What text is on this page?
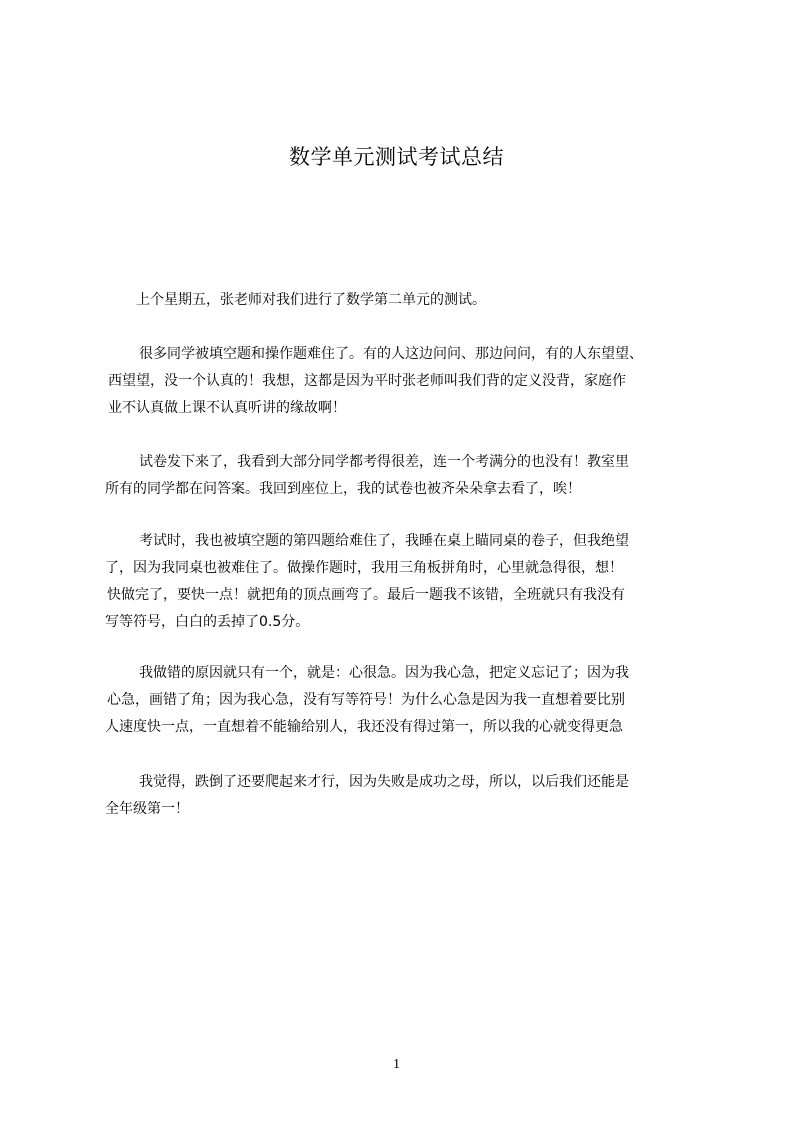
数学单元测试考试总结
上个星期五，张老师对我们进行了数学第二单元的测试。
很多同学被填空题和操作题难住了。有的人这边问问、那边问问，有的人东望望、
西望望，没一个认真的！我想，这都是因为平时张老师叫我们背的定义没背，家庭作
业不认真做上课不认真听讲的缘故啊！
试卷发下来了，我看到大部分同学都考得很差，连一个考满分的也没有！教室里
所有的同学都在问答案。我回到座位上，我的试卷也被齐朵朵拿去看了，唉！
考试时，我也被填空题的第四题给难住了，我睡在桌上瞄同桌的卷子，但我绝望
了，因为我同桌也被难住了。做操作题时，我用三角板拼角时，心里就急得很，想！
快做完了，要快一点！就把角的顶点画弯了。最后一题我不该错，全班就只有我没有
写等符号，白白的丢掉了0.5分。
我做错的原因就只有一个，就是：心很急。因为我心急，把定义忘记了；因为我
心急，画错了角；因为我心急，没有写等符号！为什么心急是因为我一直想着要比别
人速度快一点，一直想着不能输给别人，我还没有得过第一，所以我的心就变得更急
我觉得，跌倒了还要爬起来才行，因为失败是成功之母，所以，以后我们还能是
全年级第一！
1
